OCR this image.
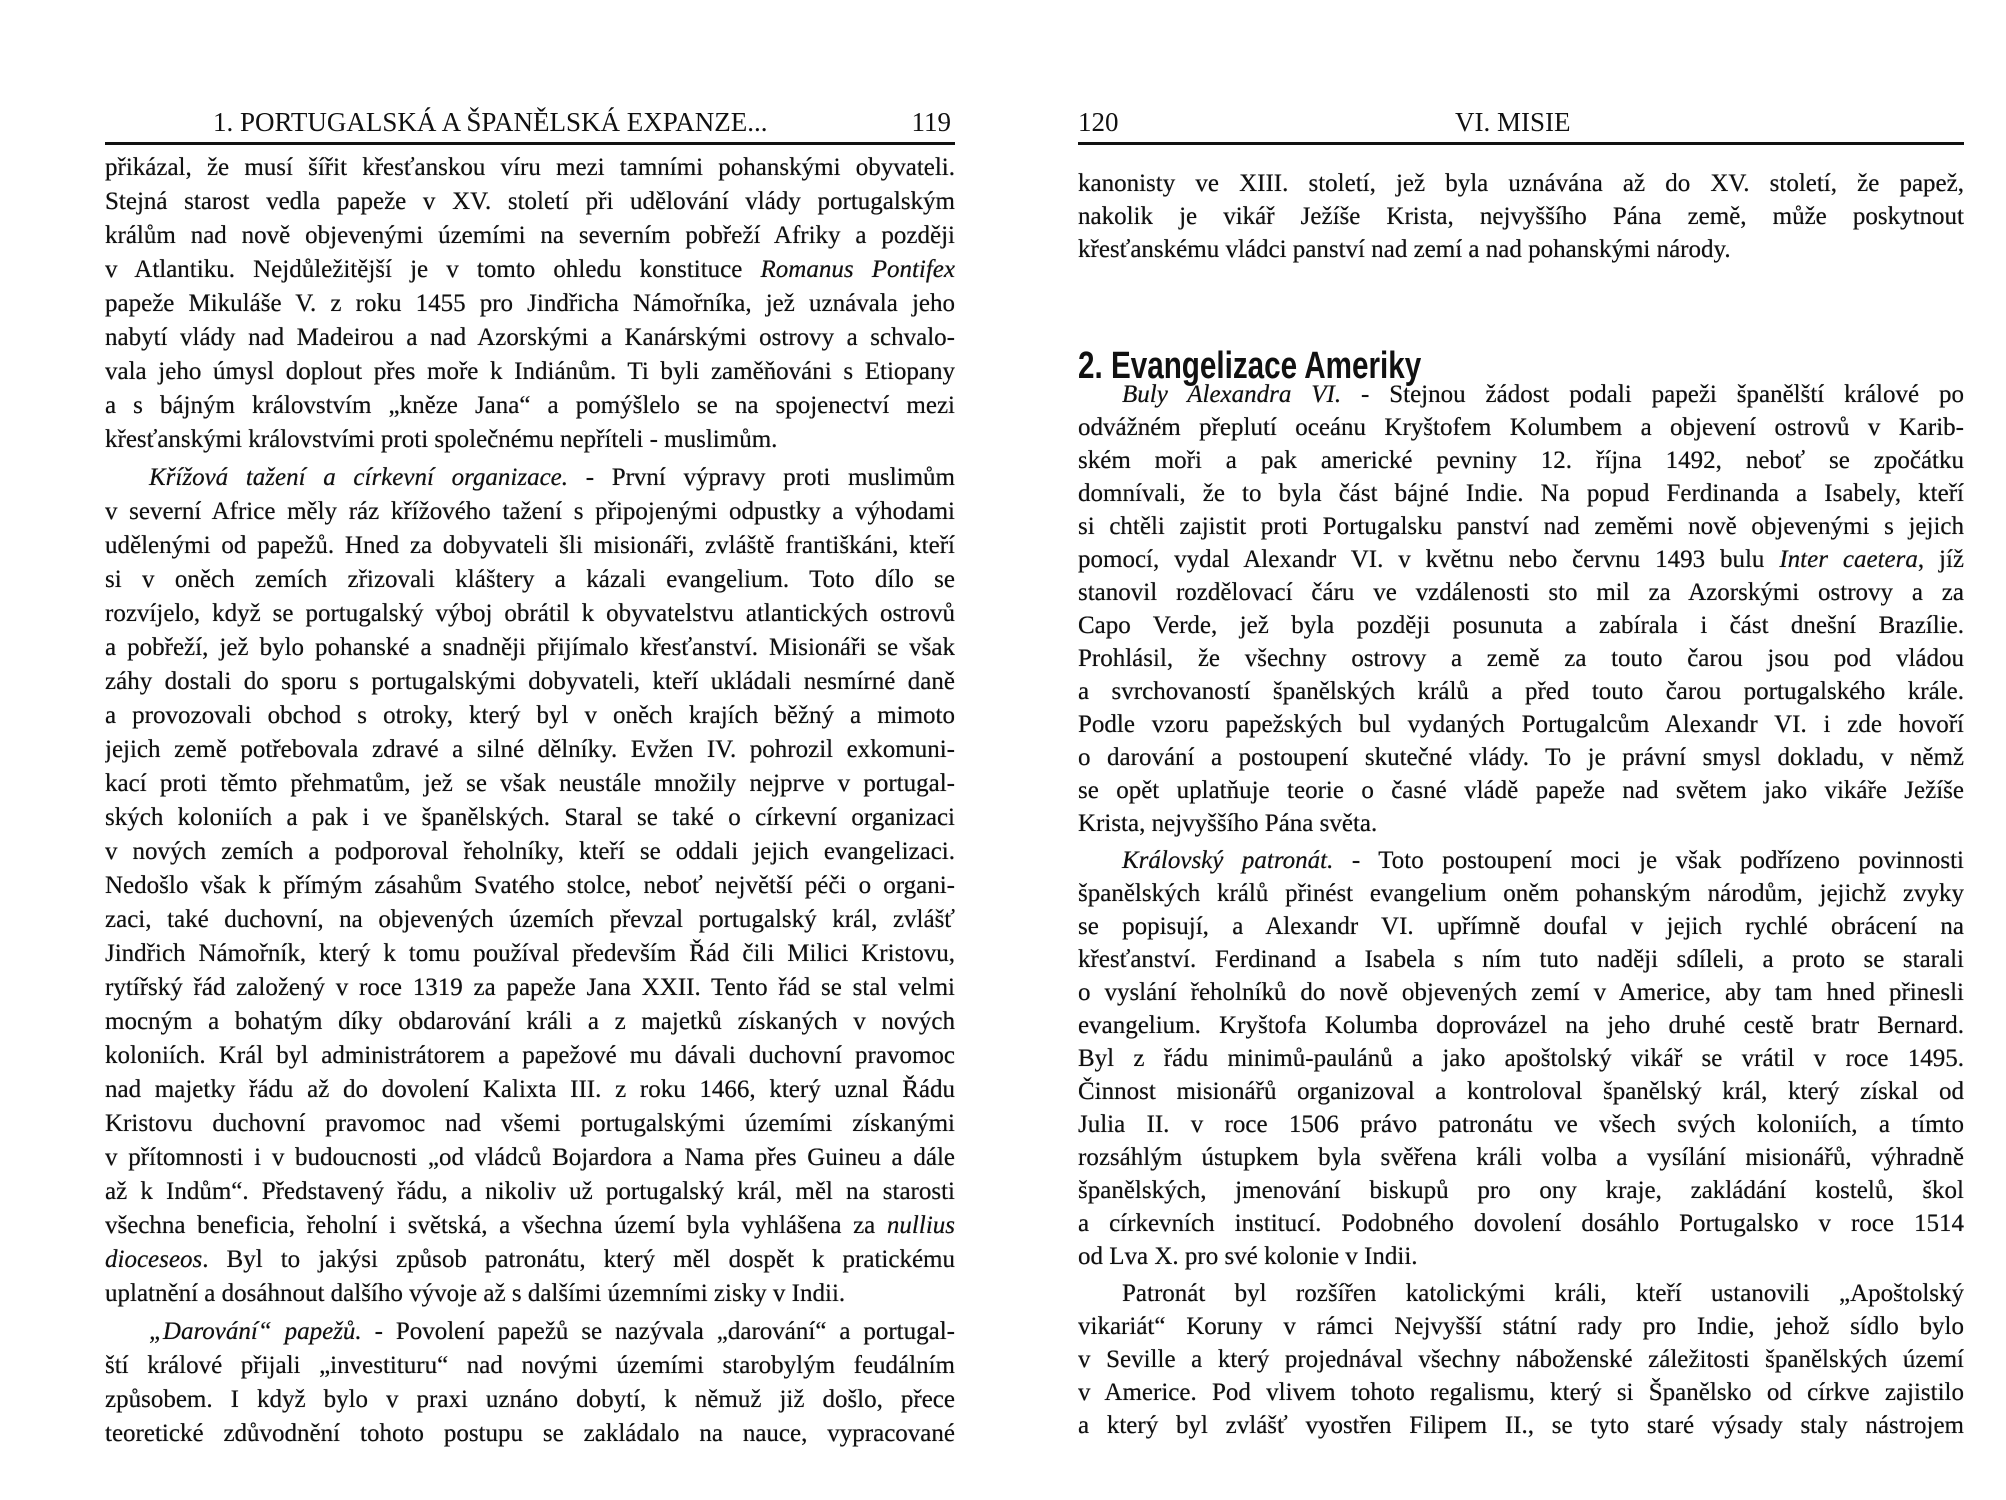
1. PORTUGALSKÁ A ŠPANĚLSKÁ EXPANZE...	119
přikázal, že musí šířit křesťanskou víru mezi tamními pohanskými obyvateli.
Stejná starost vedla papeže v XV. století při udělování vlády portugalským
králům nad nově objevenými územími na severním pobřeží Afriky a později
v Atlantiku. Nejdůležitější je v tomto ohledu konstituce Romanus Pontifex
papeže Mikuláše V. z roku 1455 pro Jindřicha Námořníka, jež uznávala jeho
nabytí vlády nad Madeirou a nad Azorskými a Kanárskými ostrovy a schvalo-
vala jeho úmysl doplout přes moře k Indiánům. Ti byli zaměňováni s Etiopany
a s bájným královstvím „kněze Jana“ a pomýšlelo se na spojenectví mezi
křesťanskými královstvími proti společnému nepříteli - muslimům.
Křížová tažení a církevní organizace. - První výpravy proti muslimům
v severní Africe měly ráz křížového tažení s připojenými odpustky a výhodami
udělenými od papežů. Hned za dobyvateli šli misionáři, zvláště františkáni, kteří
si v oněch zemích zřizovali kláštery a kázali evangelium. Toto dílo se
rozvíjelo, když se portugalský výboj obrátil k obyvatelstvu atlantických ostrovů
a pobřeží, jež bylo pohanské a snadněji přijímalo křesťanství. Misionáři se však
záhy dostali do sporu s portugalskými dobyvateli, kteří ukládali nesmírné daně
a provozovali obchod s otroky, který byl v oněch krajích běžný a mimoto
jejich země potřebovala zdravé a silné dělníky. Evžen IV. pohrozil exkomuni-
kací proti těmto přehmatům, jež se však neustále množily nejprve v portugal-
ských koloniích a pak i ve španělských. Staral se také o církevní organizaci
v nových zemích a podporoval řeholníky, kteří se oddali jejich evangelizaci.
Nedošlo však k přímým zásahům Svatého stolce, neboť největší péči o organi-
zaci, také duchovní, na objevených územích převzal portugalský král, zvlášť
Jindřich Námořník, který k tomu používal především Řád čili Milici Kristovu,
rytířský řád založený v roce 1319 za papeže Jana XXII. Tento řád se stal velmi
mocným a bohatým díky obdarování králi a z majetků získaných v nových
koloniích. Král byl administrátorem a papežové mu dávali duchovní pravomoc
nad majetky řádu až do dovolení Kalixta III. z roku 1466, který uznal Řádu
Kristovu duchovní pravomoc nad všemi portugalskými územími získanými
v přítomnosti i v budoucnosti „od vládců Bojardora a Nama přes Guineu a dále
až k Indům“. Představený řádu, a nikoliv už portugalský král, měl na starosti
všechna beneficia, řeholní i světská, a všechna území byla vyhlášena za nullius
dioceseos. Byl to jakýsi způsob patronátu, který měl dospět k pratickému
uplatnění a dosáhnout dalšího vývoje až s dalšími územními zisky v Indii.
„Darování“ papežů. - Povolení papežů se nazývala „darování“ a portugal-
ští králové přijali „investituru“ nad novými územími starobylým feudálním
způsobem. I když bylo v praxi uznáno dobytí, k němuž již došlo, přece
teoretické zdůvodnění tohoto postupu se zakládalo na nauce, vypracované
120	VI. MISIE
kanonisty ve XIII. století, jež byla uznávána až do XV. století, že papež,
nakolik je vikář Ježíše Krista, nejvyššího Pána země, může poskytnout
křesťanskému vládci panství nad zemí a nad pohanskými národy.
2. Evangelizace Ameriky
Buly Alexandra VI. - Stejnou žádost podali papeži španělští králové po
odvážném přeplutí oceánu Kryštofem Kolumbem a objevení ostrovů v Karib-
ském moři a pak americké pevniny 12. října 1492, neboť se zpočátku
domnívali, že to byla část bájné Indie. Na popud Ferdinanda a Isabely, kteří
si chtěli zajistit proti Portugalsku panství nad zeměmi nově objevenými s jejich
pomocí, vydal Alexandr VI. v květnu nebo červnu 1493 bulu Inter caetera, jíž
stanovil rozdělovací čáru ve vzdálenosti sto mil za Azorskými ostrovy a za
Capo Verde, jež byla později posunuta a zabírala i část dnešní Brazílie.
Prohlásil, že všechny ostrovy a země za touto čarou jsou pod vládou
a svrchovaností španělských králů a před touto čarou portugalského krále.
Podle vzoru papežských bul vydaných Portugalcům Alexandr VI. i zde hovoří
o darování a postoupení skutečné vlády. To je právní smysl dokladu, v němž
se opět uplatňuje teorie o časné vládě papeže nad světem jako vikáře Ježíše
Krista, nejvyššího Pána světa.
Královský patronát. - Toto postoupení moci je však podřízeno povinnosti
španělských králů přinést evangelium oněm pohanským národům, jejichž zvyky
se popisují, a Alexandr VI. upřímně doufal v jejich rychlé obrácení na
křesťanství. Ferdinand a Isabela s ním tuto naději sdíleli, a proto se starali
o vyslání řeholníků do nově objevených zemí v Americe, aby tam hned přinesli
evangelium. Kryštofa Kolumba doprovázel na jeho druhé cestě bratr Bernard.
Byl z řádu minimů-paulánů a jako apoštolský vikář se vrátil v roce 1495.
Činnost misionářů organizoval a kontroloval španělský král, který získal od
Julia II. v roce 1506 právo patronátu ve všech svých koloniích, a tímto
rozsáhlým ústupkem byla svěřena králi volba a vysílání misionářů, výhradně
španělských, jmenování biskupů pro ony kraje, zakládání kostelů, škol
a církevních institucí. Podobného dovolení dosáhlo Portugalsko v roce 1514
od Lva X. pro své kolonie v Indii.
Patronát byl rozšířen katolickými králi, kteří ustanovili „Apoštolský
vikariát“ Koruny v rámci Nejvyšší státní rady pro Indie, jehož sídlo bylo
v Seville a který projednával všechny náboženské záležitosti španělských území
v Americe. Pod vlivem tohoto regalismu, který si Španělsko od církve zajistilo
a který byl zvlášť vyostřen Filipem II., se tyto staré výsady staly nástrojem
